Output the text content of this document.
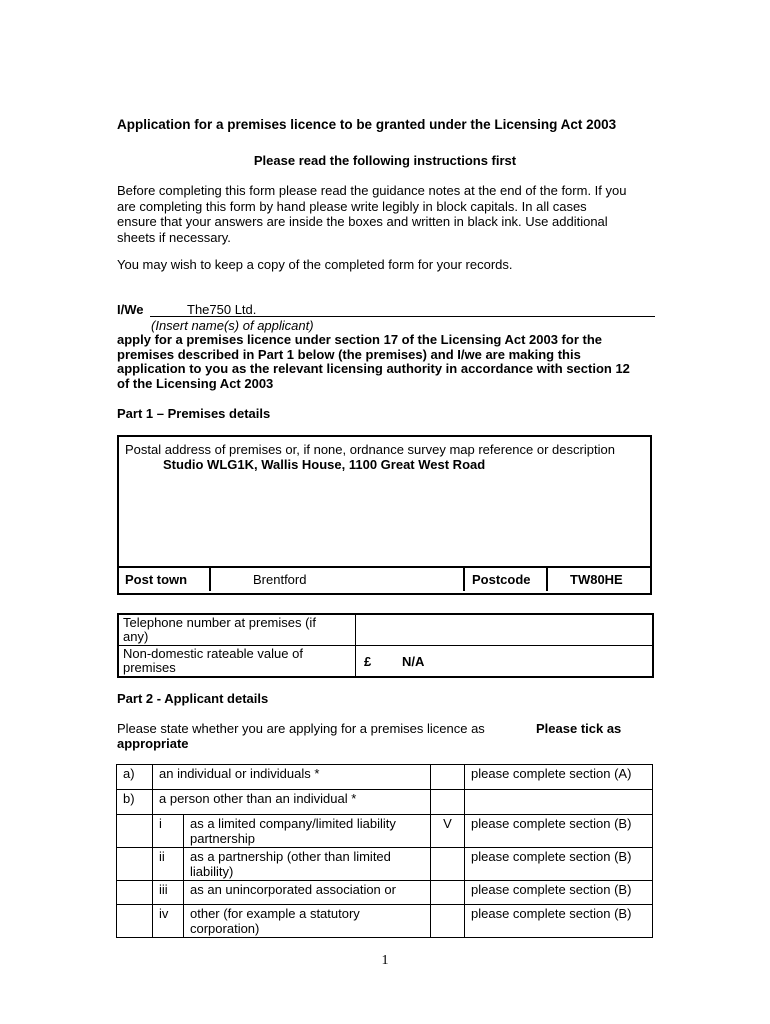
Application for a premises licence to be granted under the Licensing Act 2003
Please read the following instructions first
Before completing this form please read the guidance notes at the end of the form. If you
are completing this form by hand please write legibly in block capitals. In all cases
ensure that your answers are inside the boxes and written in black ink. Use additional
sheets if necessary.
You may wish to keep a copy of the completed form for your records.
I/We	The750 Ltd.
(Insert name(s) of applicant)
apply for a premises licence under section 17 of the Licensing Act 2003 for the
premises described in Part 1 below (the premises) and I/we are making this
application to you as the relevant licensing authority in accordance with section 12
of the Licensing Act 2003
Part 1 – Premises details
Postal address of premises or, if none, ordnance survey map reference or description
Studio WLG1K, Wallis House, 1100 Great West Road
Post town	Brentford	Postcode	TW80HE
Telephone number at premises (if
any)
Non-domestic rateable value of
premises	£ N/A
Part 2 - Applicant details
Please state whether you are applying for a premises licence as	Please tick as
appropriate
a)	an individual or individuals *			please complete section (A)
b)	a person other than an individual *			
	i	as a limited company/limited liability
partnership	V	please complete section (B)
	ii	as a partnership (other than limited
liability)		please complete section (B)
	iii	as an unincorporated association or		please complete section (B)
	iv	other (for example a statutory
corporation)		please complete section (B)
1
